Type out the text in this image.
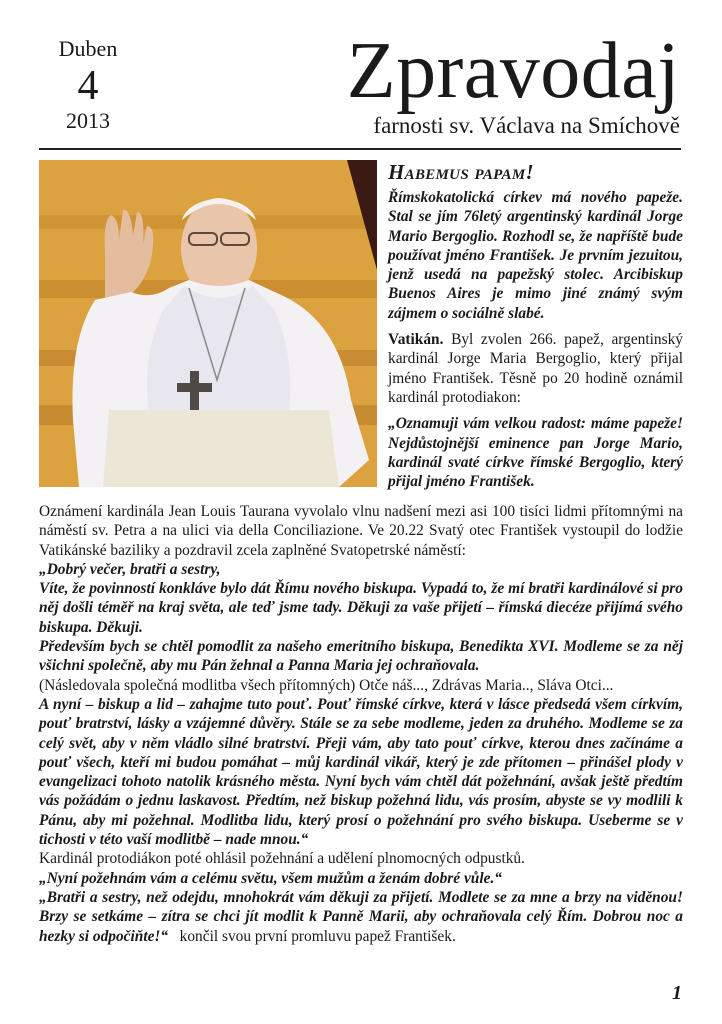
Duben
4
2013
Zpravodaj
farnosti sv. Václava na Smíchově
Habemus papam!

Římskokatolická církev má nového papeže. Stal se jím 76letý argentinský kardinál Jorge Mario Bergoglio. Rozhodl se, že napříště bude používat jméno František. Je prvním jezuitou, jenž usedá na papežský stolec. Arcibiskup Buenos Aires je mimo jiné známý svým zájmem o sociálně slabé.

Vatikán. Byl zvolen 266. papež, argentinský kardinál Jorge Maria Bergoglio, který přijal jméno František. Těsně po 20 hodině oznámil kardinál protodiakon:

„Oznamuji vám velkou radost: máme papeže! Nejdůstojnější eminence pan Jorge Mario, kardinál svaté církve římské Bergoglio, který přijal jméno František.

Oznámení kardinála Jean Louis Taurana vyvolalo vlnu nadšení mezi asi 100 tisíci lidmi přítomnými na náměstí sv. Petra a na ulici via della Conciliazione. Ve 20.22 Svatý otec František vystoupil do lodžie Vatikánské baziliky a pozdravil zcela zaplněné Svatopetrské náměstí:

„Dobrý večer, bratři a sestry,

Víte, že povinností konkláve bylo dát Římu nového biskupa. Vypadá to, že mí bratři kardinálové si pro něj došli téměř na kraj světa, ale teď jsme tady. Děkuji za vaše přijetí – římská diecéze přijímá svého biskupa. Děkuji.

Především bych se chtěl pomodlit za našeho emeritního biskupa, Benedikta XVI. Modleme se za něj všichni společně, aby mu Pán žehnal a Panna Maria jej ochraňovala.

(Následovala společná modlitba všech přítomných) Otče náš..., Zdrávas Maria.., Sláva Otci...

A nyní – biskup a lid – zahajme tuto pouť. Pouť římské církve, která v lásce předsedá všem církvím, pouť bratrství, lásky a vzájemné důvěry. Stále se za sebe modleme, jeden za druhého. Modleme se za celý svět, aby v něm vládlo silné bratrství. Přeji vám, aby tato pouť církve, kterou dnes začínáme a pouť všech, kteří mi budou pomáhat – můj kardinál vikář, který je zde přítomen – přinášel plody v evangelizaci tohoto natolik krásného města. Nyní bych vám chtěl dát požehnání, avšak ještě předtím vás požádám o jednu laskavost. Předtím, než biskup požehná lidu, vás prosím, abyste se vy modlili k Pánu, aby mi požehnal. Modlitba lidu, který prosí o požehnání pro svého biskupa. Useberme se v tichosti v této vaší modlitbě – nade mnou.“

Kardinál protodiákon poté ohlásil požehnání a udělení plnomocných odpustků.

„Nyní požehnám vám a celému světu, všem mužům a ženám dobré vůle.“

„Bratři a sestry, než odejdu, mnohokrát vám děkuji za přijetí. Modlete se za mne a brzy na viděnou! Brzy se setkáme – zítra se chci jít modlit k Panně Marii, aby ochraňovala celý Řím. Dobrou noc a hezky si odpočiňte!“ končil svou první promluvu papež František.

1
